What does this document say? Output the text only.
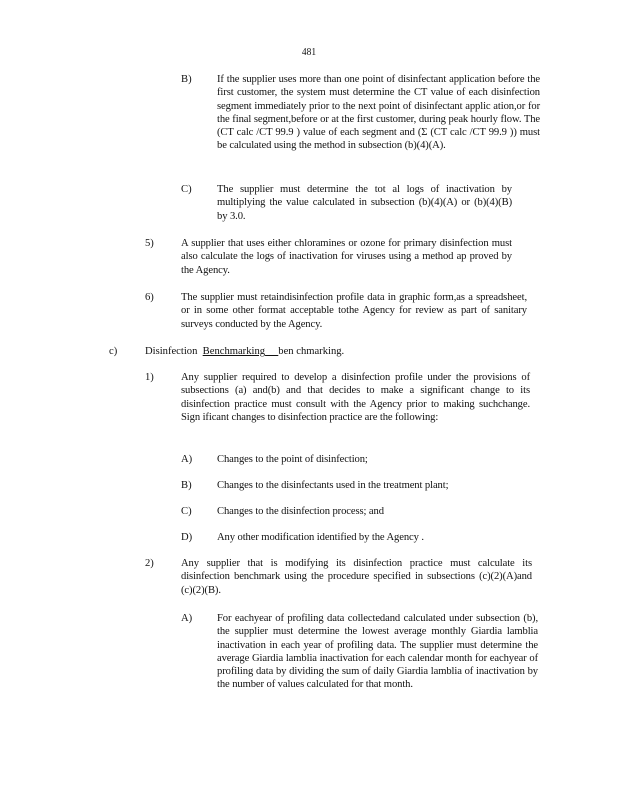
481
B) If the supplier uses more than one point of disinfectant application before the first customer, the system must determine the CT value of each disinfection segment immediately prior to the next point of disinfectant applic ation,or for the final segment,before or at the first customer, during peak hourly flow. The (CT calc /CT 99.9 ) value of each segment and (Σ (CT calc /CT 99.9 )) must be calculated using the method in subsection (b)(4)(A).
C) The supplier must determine the tot al logs of inactivation by multiplying the value calculated in subsection (b)(4)(A) or (b)(4)(B) by 3.0.
5)	A supplier that uses either chloramines or ozone for primary disinfection must also calculate the logs of inactivation for viruses using a method ap proved by the Agency.
6)	The supplier must retaindisinfection profile data in graphic form,as a spreadsheet, or in some other format acceptable tothe Agency for review as part of sanitary surveys conducted by the Agency.
c)	Disinfection Benchmarking ben chmarking.
1)	Any supplier required to develop a disinfection profile under the provisions of subsections (a) and(b) and that decides to make a significant change to its disinfection practice must consult with the Agency prior to making suchchange. Sign ificant changes to disinfection practice are the following:
A) Changes to the point of disinfection;
B) Changes to the disinfectants used in the treatment plant;
C) Changes to the disinfection process; and
D) Any other modification identified by the Agency .
2)	Any supplier that is modifying its disinfection practice must calculate its disinfection benchmark using the procedure specified in subsections (c)(2)(A)and (c)(2)(B).
A) For eachyear of profiling data collectedand calculated under subsection (b), the supplier must determine the lowest average monthly Giardia lamblia inactivation in each year of profiling data. The supplier must determine the average Giardia lamblia inactivation for each calendar month for eachyear of profiling data by dividing the sum of daily Giardia lamblia of inactivation by the number of values calculated for that month.
